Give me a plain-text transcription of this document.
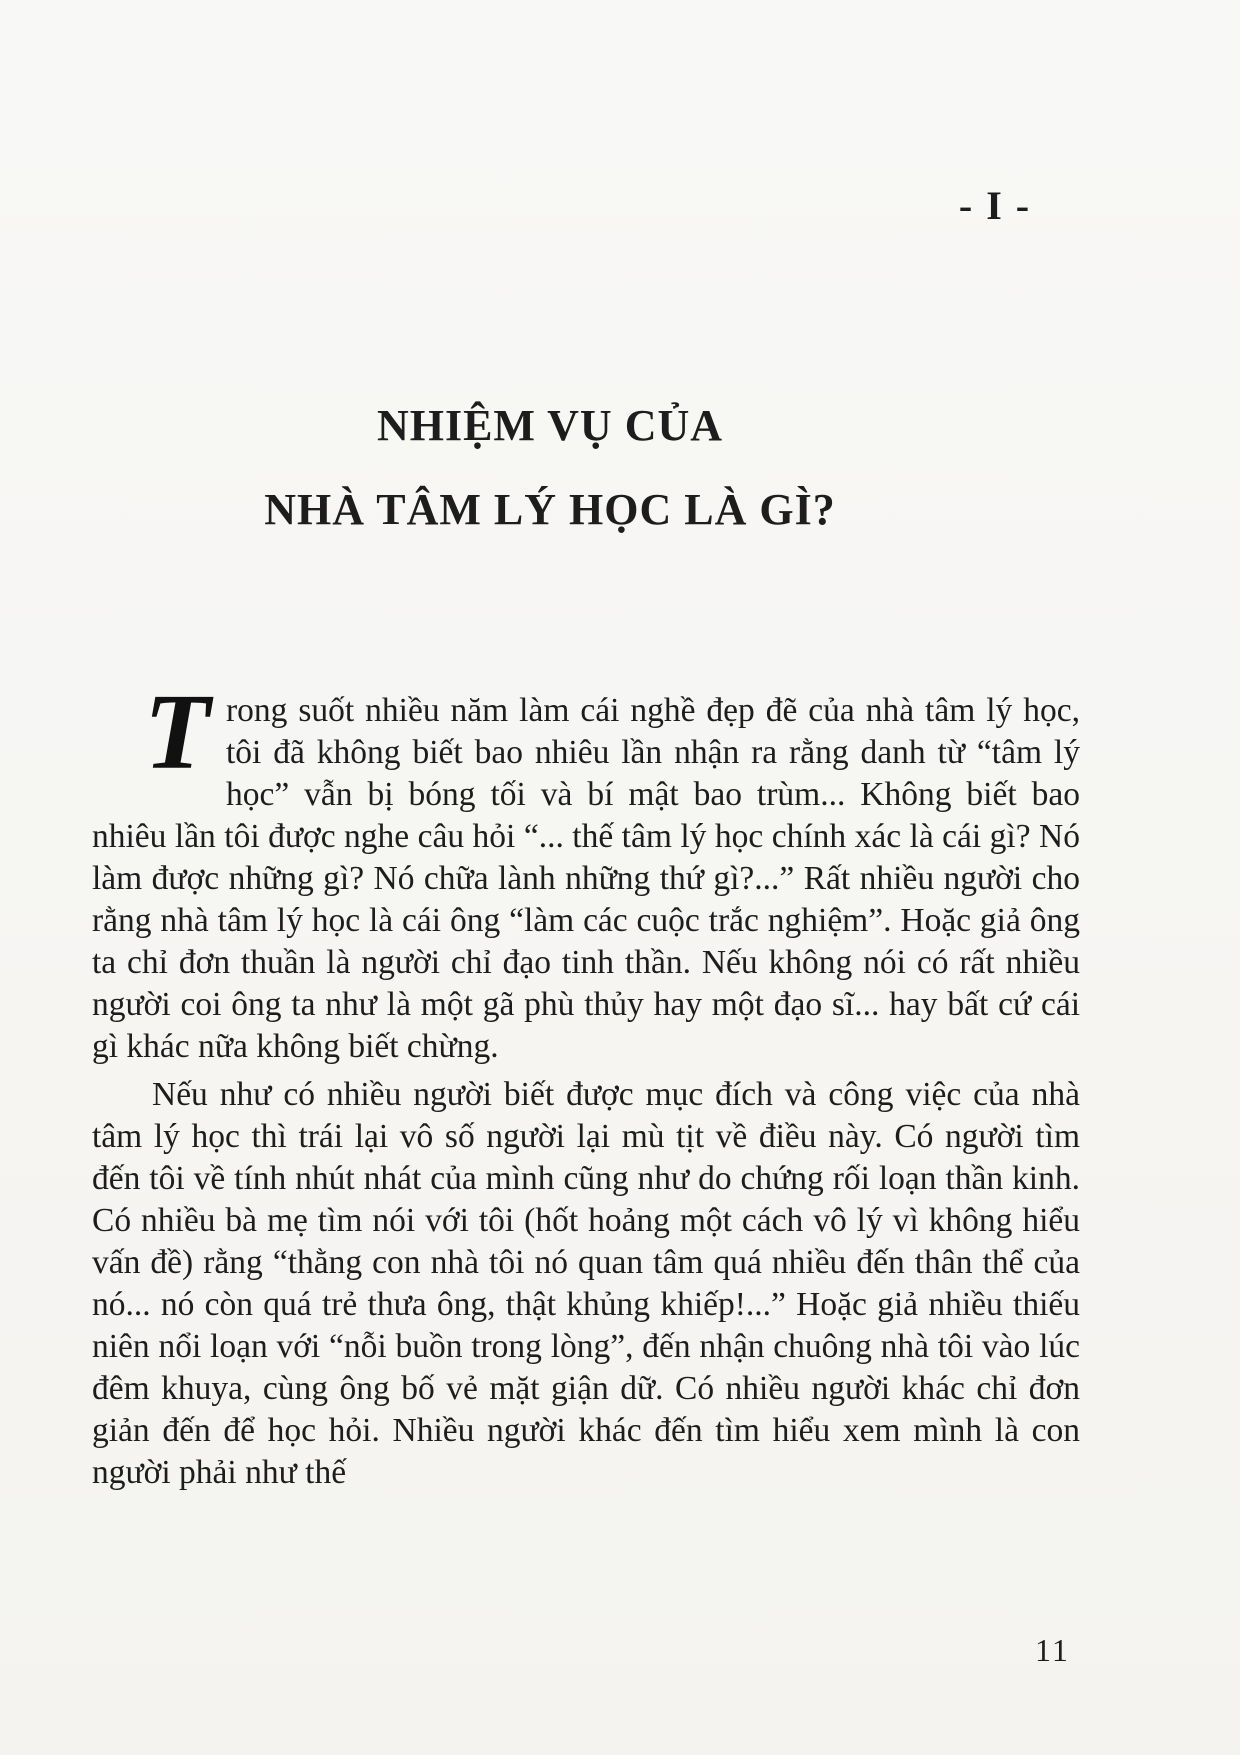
- I -
NHIỆM VỤ CỦA
NHÀ TÂM LÝ HỌC LÀ GÌ?

Trong suốt nhiều năm làm cái nghề đẹp đẽ của nhà tâm lý học, tôi đã không biết bao nhiêu lần nhận ra rằng danh từ “tâm lý học” vẫn bị bóng tối và bí mật bao trùm... Không biết bao nhiêu lần tôi được nghe câu hỏi “... thế tâm lý học chính xác là cái gì? Nó làm được những gì? Nó chữa lành những thứ gì?...” Rất nhiều người cho rằng nhà tâm lý học là cái ông “làm các cuộc trắc nghiệm”. Hoặc giả ông ta chỉ đơn thuần là người chỉ đạo tinh thần. Nếu không nói có rất nhiều người coi ông ta như là một gã phù thủy hay một đạo sĩ... hay bất cứ cái gì khác nữa không biết chừng.

Nếu như có nhiều người biết được mục đích và công việc của nhà tâm lý học thì trái lại vô số người lại mù tịt về điều này. Có người tìm đến tôi về tính nhút nhát của mình cũng như do chứng rối loạn thần kinh. Có nhiều bà mẹ tìm nói với tôi (hốt hoảng một cách vô lý vì không hiểu vấn đề) rằng “thằng con nhà tôi nó quan tâm quá nhiều đến thân thể của nó... nó còn quá trẻ thưa ông, thật khủng khiếp!...” Hoặc giả nhiều thiếu niên nổi loạn với “nỗi buồn trong lòng”, đến nhận chuông nhà tôi vào lúc đêm khuya, cùng ông bố vẻ mặt giận dữ. Có nhiều người khác chỉ đơn giản đến để học hỏi. Nhiều người khác đến tìm hiểu xem mình là con người phải như thế

11
